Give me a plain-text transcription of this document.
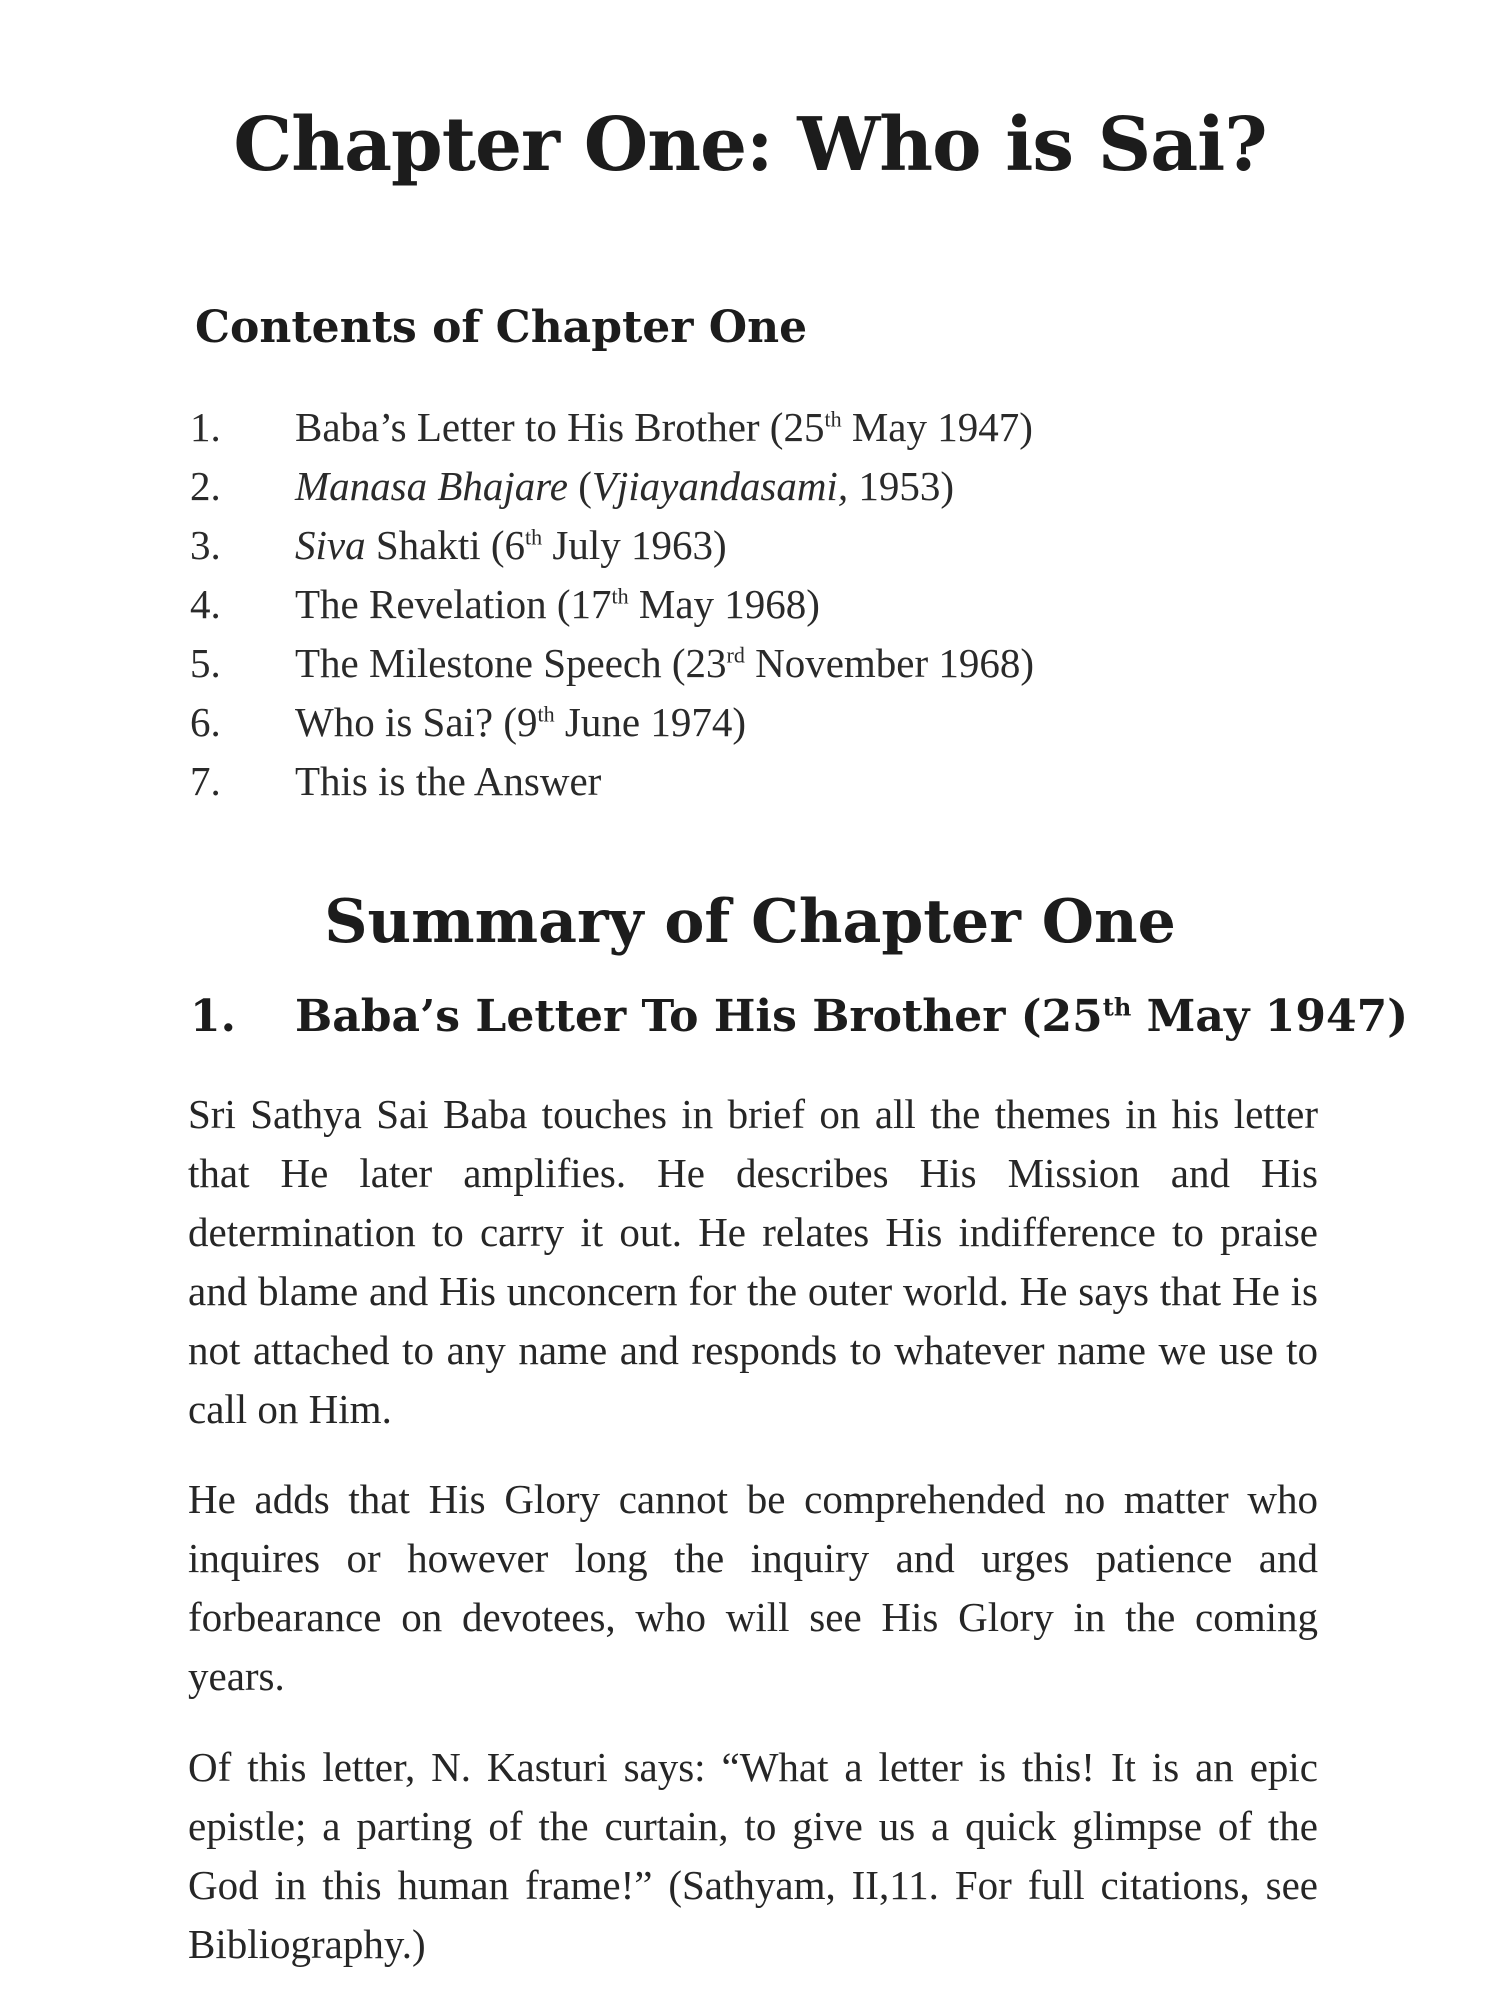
Chapter One: Who is Sai?
Contents of Chapter One
1.	Baba’s Letter to His Brother (25th May 1947)
2.	Manasa Bhajare (Vjiayandasami, 1953)
3.	Siva Shakti (6th July 1963)
4.	The Revelation (17th May 1968)
5.	The Milestone Speech (23rd November 1968)
6.	Who is Sai? (9th June 1974)
7.	This is the Answer
Summary of Chapter One
1. Baba’s Letter To His Brother (25th May 1947)

Sri Sathya Sai Baba touches in brief on all the themes in his letter that He later amplifies. He describes His Mission and His determination to carry it out. He relates His indifference to praise and blame and His unconcern for the outer world. He says that He is not attached to any name and responds to whatever name we use to call on Him.

He adds that His Glory cannot be comprehended no matter who inquires or however long the inquiry and urges patience and forbearance on devotees, who will see His Glory in the coming years.

Of this letter, N. Kasturi says: “What a letter is this! It is an epic epistle; a parting of the curtain, to give us a quick glimpse of the God in this human frame!” (Sathyam, II,11. For full citations, see Bibliography.)
